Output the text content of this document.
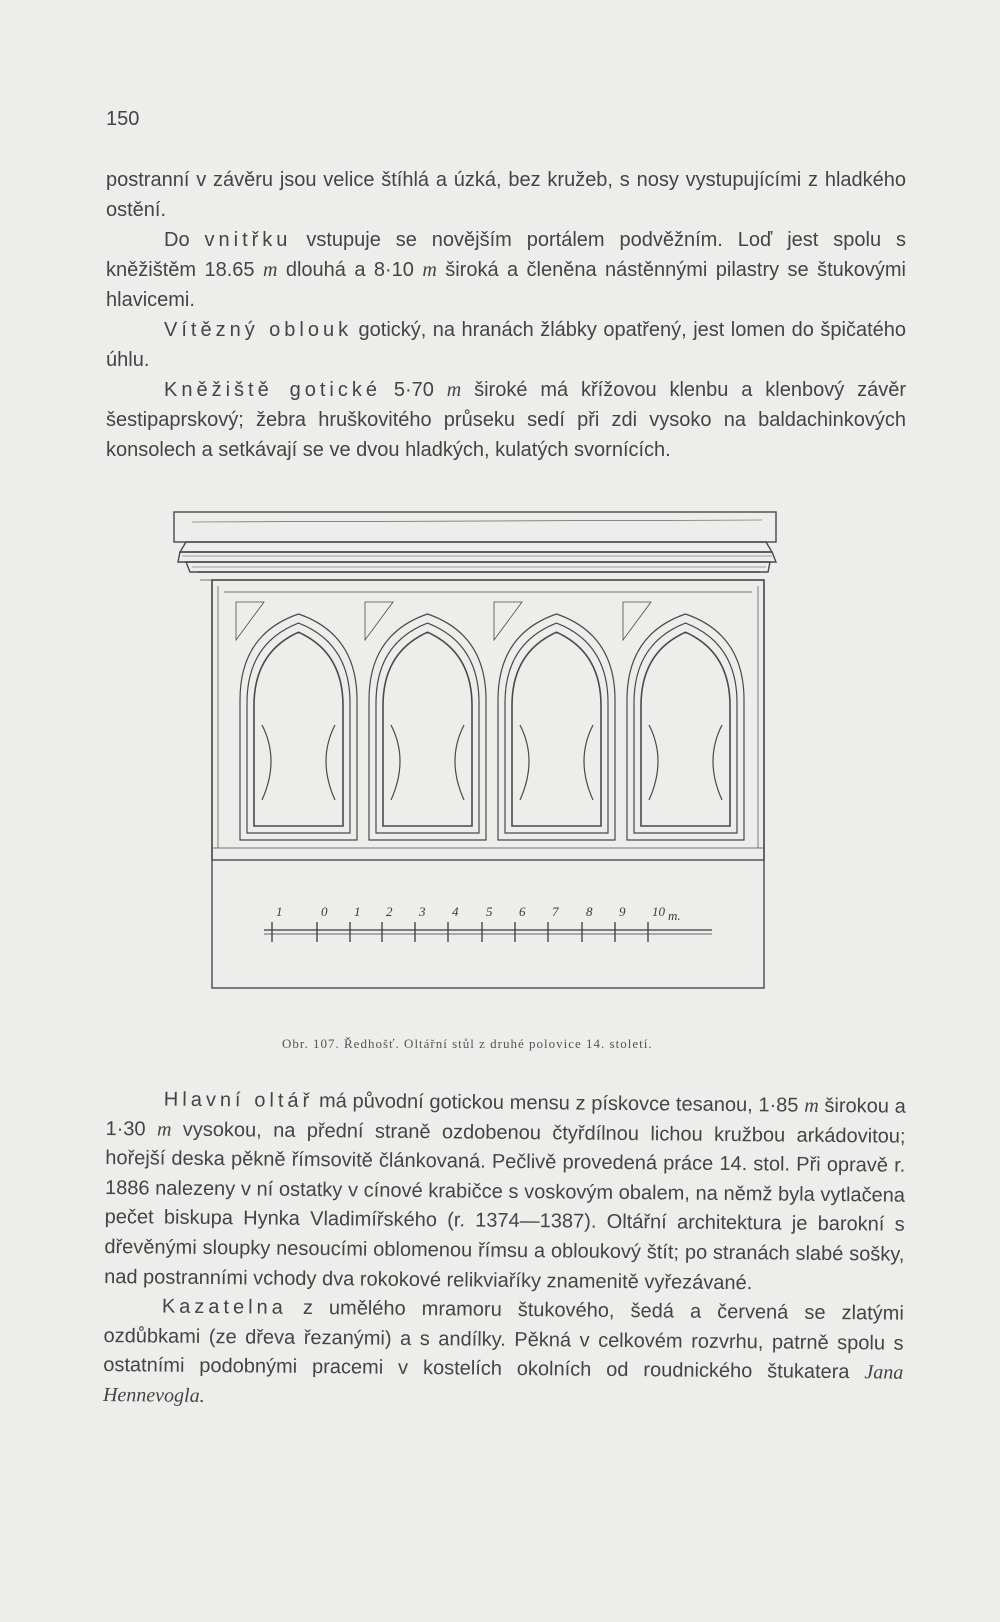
150

postranní v závěru jsou velice štíhlá a úzká, bez kružeb, s nosy vystupujícími z hladkého ostění.

Do vnitřku vstupuje se novějším portálem podvěžním. Loď jest spolu s kněžištěm 18.65 m dlouhá a 8·10 m široká a členěna nástěnnými pilastry se štukovými hlavicemi.

Vítězný oblouk gotický, na hranách žlábky opatřený, jest lomen do špičatého úhlu.

Kněžiště gotické 5·70 m široké má křížovou klenbu a klenbový závěr šestipaprskový; žebra hruškovitého průseku sedí při zdi vysoko na baldachinkových konsolech a setkávají se ve dvou hladkých, kulatých svornících.

1	0 1 2 3 4 5 6 7 8 9 10 m.
Obr. 107. Ředhošť. Oltářní stůl z druhé polovice 14. století.

Hlavní oltář má původní gotickou mensu z pískovce tesanou, 1·85 m širokou a 1·30 m vysokou, na přední straně ozdobenou čtyřdílnou lichou kružbou arkádovitou; hořejší deska pěkně římsovitě článkovaná. Pečlivě provedená práce 14. stol. Při opravě r. 1886 nalezeny v ní ostatky v cínové krabičce s voskovým obalem, na němž byla vytlačena pečet biskupa Hynka Vladimířského (r. 1374—1387). Oltářní architektura je barokní s dřevěnými sloupky nesoucími oblomenou římsu a obloukový štít; po stranách slabé sošky, nad postranními vchody dva rokokové relikviaříky znamenitě vyřezávané.

Kazatelna z umělého mramoru štukového, šedá a červená se zlatými ozdůbkami (ze dřeva řezanými) a s andílky. Pěkná v celkovém rozvrhu, patrně spolu s ostatními podobnými pracemi v kostelích okolních od roudnického štukatera Jana Hennevogla.
